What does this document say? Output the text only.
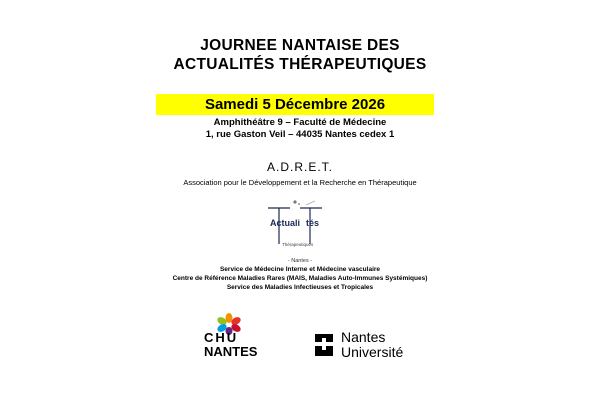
JOURNEE NANTAISE DES
ACTUALITÉS THÉRAPEUTIQUES
Samedi 5 Décembre 2026
Amphithéâtre 9 – Faculté de Médecine
1, rue Gaston Veil – 44035 Nantes cedex 1
A.D.R.E.T.
Association pour le Développement et la Recherche en Thérapeutique
Actuali tés
Thérapeutiques
- Nantes -
Service de Médecine Interne et Médecine vasculaire
Centre de Référence Maladies Rares (MAIS, Maladies Auto-Immunes Systémiques)
Service des Maladies Infectieuses et Tropicales
CHU
NANTES
Nantes
Université
